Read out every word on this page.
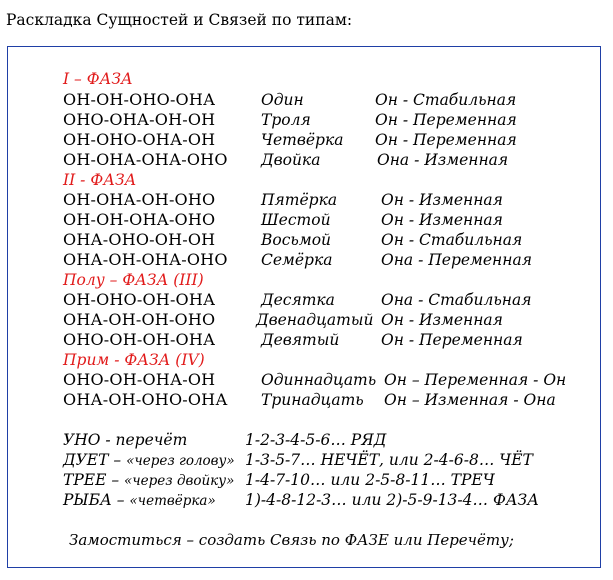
Раскладка Сущностей и Связей по типам:
I – ФАЗА
ОН-ОН-ОНО-ОНА	Один	Он - Стабильная
ОНО-ОНА-ОН-ОН	Троля	Он - Переменная
ОН-ОНО-ОНА-ОН	Четвёрка Он - Переменная
ОН-ОНА-ОНА-ОНО Двойка	Она - Изменная
II - ФАЗА
ОН-ОНА-ОН-ОНО	Пятёрка	Он - Изменная
ОН-ОН-ОНА-ОНО	Шестой	Он - Изменная
ОНА-ОНО-ОН-ОН	Восьмой	Он - Стабильная
ОНА-ОН-ОНА-ОНО Семёрка	Она - Переменная
Полу – ФАЗА (III)
ОН-ОНО-ОН-ОНА	Десятка	Она - Стабильная
ОНА-ОН-ОН-ОНО	Двенадцатый Он - Изменная
ОНО-ОН-ОН-ОНА	Девятый	Он - Переменная
Прим - ФАЗА (IV)
ОНО-ОН-ОНА-ОН	Одиннадцать Он – Переменная - Он
ОНА-ОН-ОНО-ОНА Тринадцать Он – Изменная - Она
УНО - перечёт	1-2-3-4-5-6… РЯД
ДУЕТ – «через голову» 1-3-5-7… НЕЧЁТ, или 2-4-6-8… ЧЁТ
ТРЕЕ – «через двойку» 1-4-7-10… или 2-5-8-11… ТРЕЧ
РЫБА – «четвёрка» 1)-4-8-12-3… или 2)-5-9-13-4… ФАЗА
Замоститься – создать Связь по ФАЗЕ или Перечёту;
